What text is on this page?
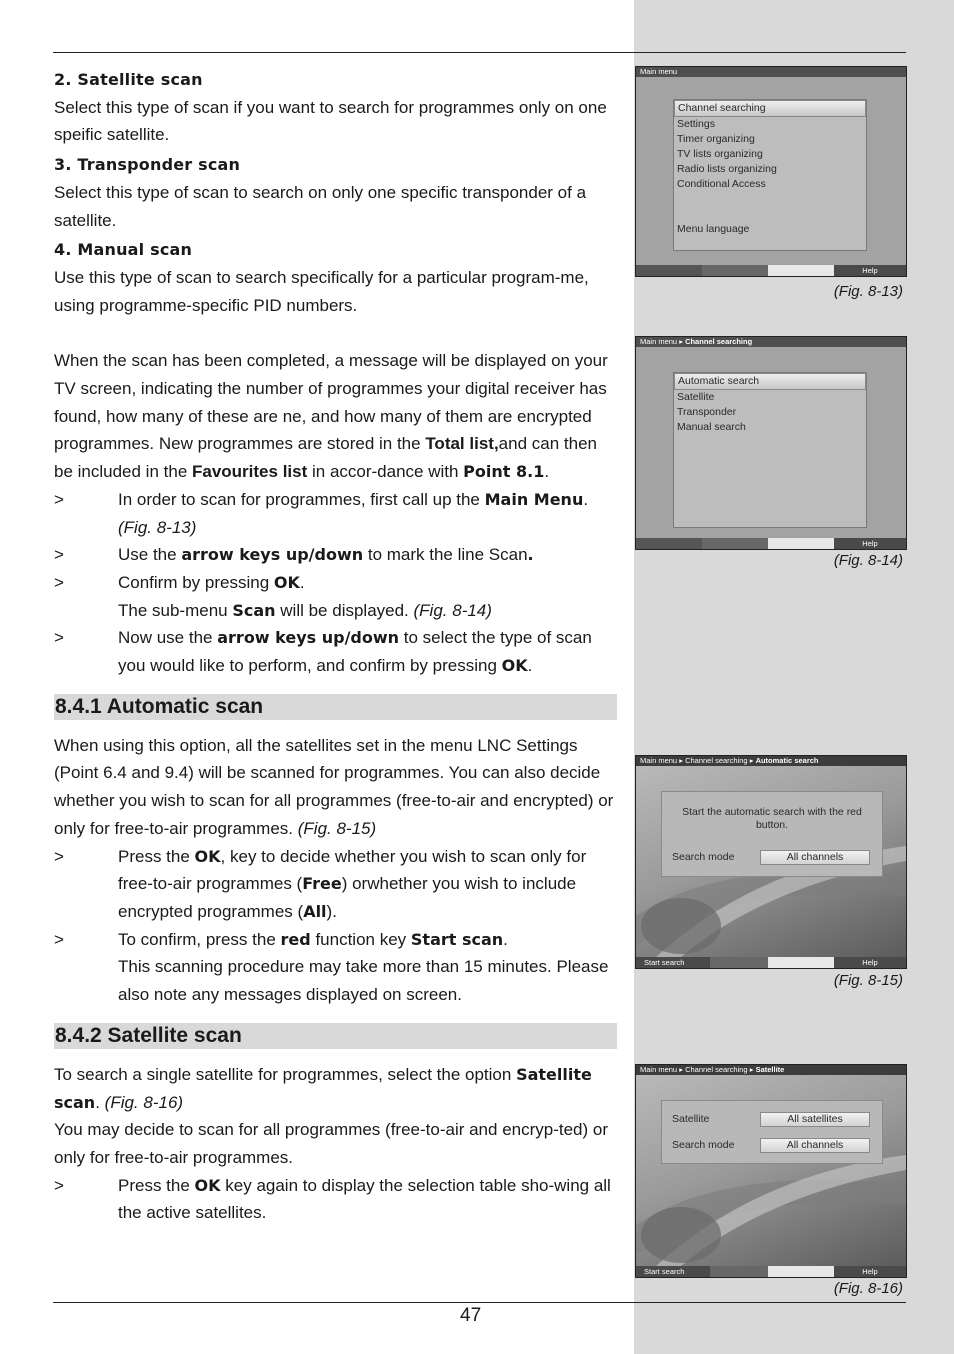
2. Satellite scan

Select this type of scan if you want to search for programmes only on one speific satellite.

3. Transponder scan

Select this type of scan to search on only one specific transponder of a satellite.

4. Manual scan

Use this type of scan to search specifically for a particular program-me, using programme-specific PID numbers.

When the scan has been completed, a message will be displayed on your TV screen, indicating the number of programmes your digital receiver has found, how many of these are ne, and how many of them are encrypted programmes. New programmes are stored in the Total list,and can then be included in the Favourites list in accor-dance with Point 8.1.

>	In order to scan for programmes, first call up the Main Menu. (Fig. 8-13)
>	Use the arrow keys up/down to mark the line Scan.
>	Confirm by pressing OK.

The sub-menu Scan will be displayed. (Fig. 8-14)

>	Now use the arrow keys up/down to select the type of scan you would like to perform, and confirm by pressing OK.
8.4.1 Automatic scan

When using this option, all the satellites set in the menu LNC Settings (Point 6.4 and 9.4) will be scanned for programmes. You can also decide whether you wish to scan for all programmes (free-to-air and encrypted) or only for free-to-air programmes. (Fig. 8-15)

>	Press the OK, key to decide whether you wish to scan only for free-to-air programmes (Free) orwhether you wish to include encrypted programmes (All).
>	To confirm, press the red function key Start scan.

This scanning procedure may take more than 15 minutes. Please also note any messages displayed on screen.

8.4.2 Satellite scan

To search a single satellite for programmes, select the option Satellite scan. (Fig. 8-16)

You may decide to scan for all programmes (free-to-air and encryp-ted) or only for free-to-air programmes.

>	Press the OK key again to display the selection table sho-wing all the active satellites.
Main menu
Channel searching
Settings
Timer organizing
TV lists organizing
Radio lists organizing
Conditional Access
Menu language
Help
(Fig. 8-13)
Main menu ▸ Channel searching
Automatic search
Satellite
Transponder
Manual search
Help
(Fig. 8-14)
Main menu ▸ Channel searching ▸ Automatic search
Start the automatic search with the red button.
Search mode	All channels
Start search	Help
(Fig. 8-15)
Main menu ▸ Channel searching ▸ Satellite
Satellite	All satellites
Search mode	All channels
Start search	Help
(Fig. 8-16)
47
